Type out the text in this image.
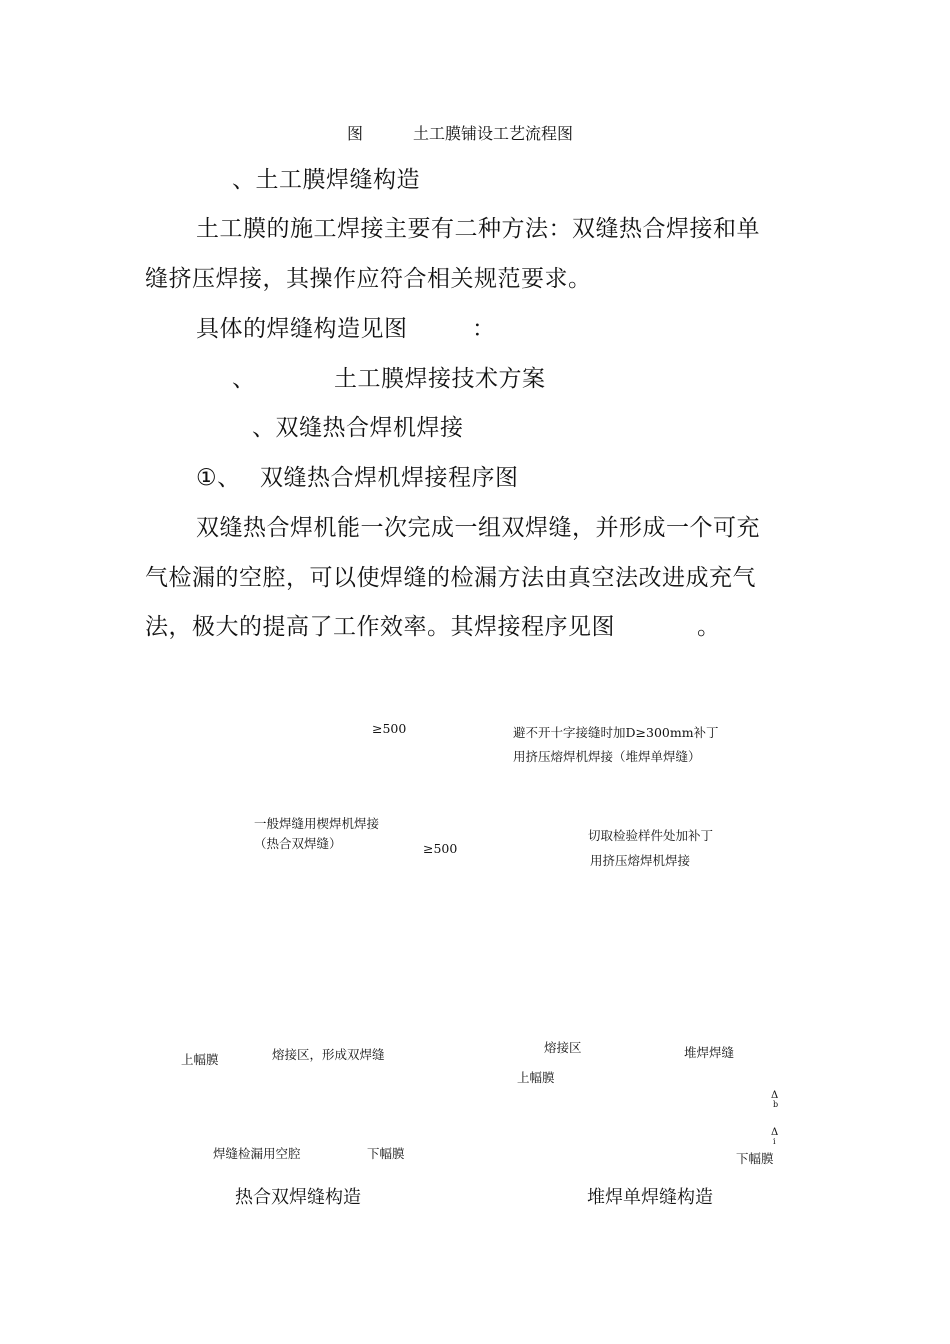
图	土工膜铺设工艺流程图
、土工膜焊缝构造
土工膜的施工焊接主要有二种方法：双缝热合焊接和单
缝挤压焊接，其操作应符合相关规范要求。
具体的焊缝构造见图	：
、	土工膜焊接技术方案
、双缝热合焊机焊接
①、 双缝热合焊机焊接程序图
双缝热合焊机能一次完成一组双焊缝，并形成一个可充
气检漏的空腔，可以使焊缝的检漏方法由真空法改进成充气
法，极大的提高了工作效率。其焊接程序见图	。
≥500	避不开十字接缝时加D≥300mm补丁
用挤压熔焊机焊接（堆焊单焊缝）
一般焊缝用楔焊机焊接
（热合双焊缝）	≥500
切取检验样件处加补丁
用挤压熔焊机焊接
上幅膜	熔接区，形成双焊缝
焊缝检漏用空腔	下幅膜
热合双焊缝构造
熔接区	堆焊焊缝
上幅膜
Δ
b
Δ
i
下幅膜
堆焊单焊缝构造
